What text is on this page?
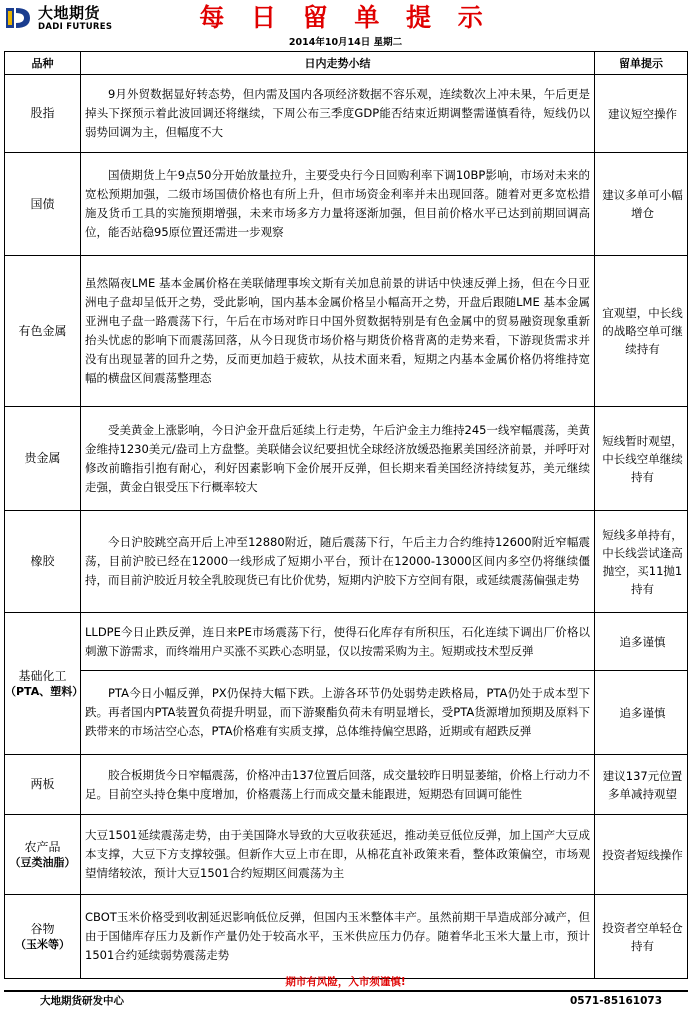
大地期货
DADI FUTURES	每 日 留 单 提 示
2014年10月14日 星期二
品种	日内走势小结	留单提示
股指	9月外贸数据显好转态势，但内需及国内各项经济数据不容乐观，连续数次上冲未果，午后更是掉头下探预示着此波回调还将继续，下周公布三季度GDP能否结束近期调整需谨慎看待，短线仍以弱势回调为主，但幅度不大	建议短空操作
国债	国债期货上午9点50分开始放量拉升，主要受央行今日回购利率下调10BP影响，市场对未来的宽松预期加强，二级市场国债价格也有所上升，但市场资金利率并未出现回落。随着对更多宽松措施及货币工具的实施预期增强，未来市场多方力量将逐渐加强，但目前价格水平已达到前期回调高位，能否站稳95原位置还需进一步观察	建议多单可小幅增仓
有色金属	虽然隔夜LME 基本金属价格在美联储理事埃文斯有关加息前景的讲话中快速反弹上扬，但在今日亚洲电子盘却呈低开之势，受此影响，国内基本金属价格呈小幅高开之势，开盘后跟随LME 基本金属亚洲电子盘一路震荡下行，午后在市场对昨日中国外贸数据特别是有色金属中的贸易融资现象重新抬头忧虑的影响下而震荡回落，从今日现货市场价格与期货价格背离的走势来看，下游现货需求并没有出现显著的回升之势，反而更加趋于疲软，从技术面来看，短期之内基本金属价格仍将维持宽幅的横盘区间震荡整理态	宜观望，中长线的战略空单可继续持有
贵金属	受美黄金上涨影响，今日沪金开盘后延续上行走势，午后沪金主力维持245一线窄幅震荡，美黄金维持1230美元/盎司上方盘整。美联储会议纪要担忧全球经济放缓恐拖累美国经济前景，并呼吁对修改前瞻指引抱有耐心，利好因素影响下金价展开反弹，但长期来看美国经济持续复苏，美元继续走强，黄金白银受压下行概率较大	短线暂时观望，中长线空单继续持有
橡胶	今日沪胶跳空高开后上冲至12880附近，随后震荡下行，午后主力合约维持12600附近窄幅震荡，目前沪胶已经在12000一线形成了短期小平台，预计在12000-13000区间内多空仍将继续僵持，而目前沪胶近月较全乳胶现货已有比价优势，短期内沪胶下方空间有限，或延续震荡偏强走势	短线多单持有，中长线尝试逢高抛空，买11抛1持有
基础化工
（PTA、塑料）	LLDPE今日止跌反弹，连日来PE市场震荡下行，使得石化库存有所积压，石化连续下调出厂价格以刺激下游需求，而终端用户买涨不买跌心态明显，仅以按需采购为主。短期或技术型反弹	追多谨慎
	PTA今日小幅反弹，PX仍保持大幅下跌。上游各环节仍处弱势走跌格局，PTA仍处于成本型下跌。再者国内PTA装置负荷提升明显，而下游聚酯负荷未有明显增长，受PTA货源增加预期及原料下跌带来的市场沽空心态，PTA价格难有实质支撑，总体维持偏空思路，近期或有超跌反弹	追多谨慎
两板	胶合板期货今日窄幅震荡，价格冲击137位置后回落，成交量较昨日明显萎缩，价格上行动力不足。目前空头持仓集中度增加，价格震荡上行而成交量未能跟进，短期恐有回调可能性	建议137元位置多单减持观望
农产品
（豆类油脂）	大豆1501延续震荡走势，由于美国降水导致的大豆收获延迟，推动美豆低位反弹，加上国产大豆成本支撑，大豆下方支撑较强。但新作大豆上市在即，从棉花直补政策来看，整体政策偏空，市场观望情绪较浓，预计大豆1501合约短期区间震荡为主	投资者短线操作
谷物
（玉米等）	CBOT玉米价格受到收割延迟影响低位反弹，但国内玉米整体丰产。虽然前期干旱造成部分减产，但由于国储库存压力及新作产量仍处于较高水平，玉米供应压力仍存。随着华北玉米大量上市，预计1501合约延续弱势震荡走势	投资者空单轻仓持有
期市有风险，入市须谨慎!
大地期货研发中心	0571-85161073
